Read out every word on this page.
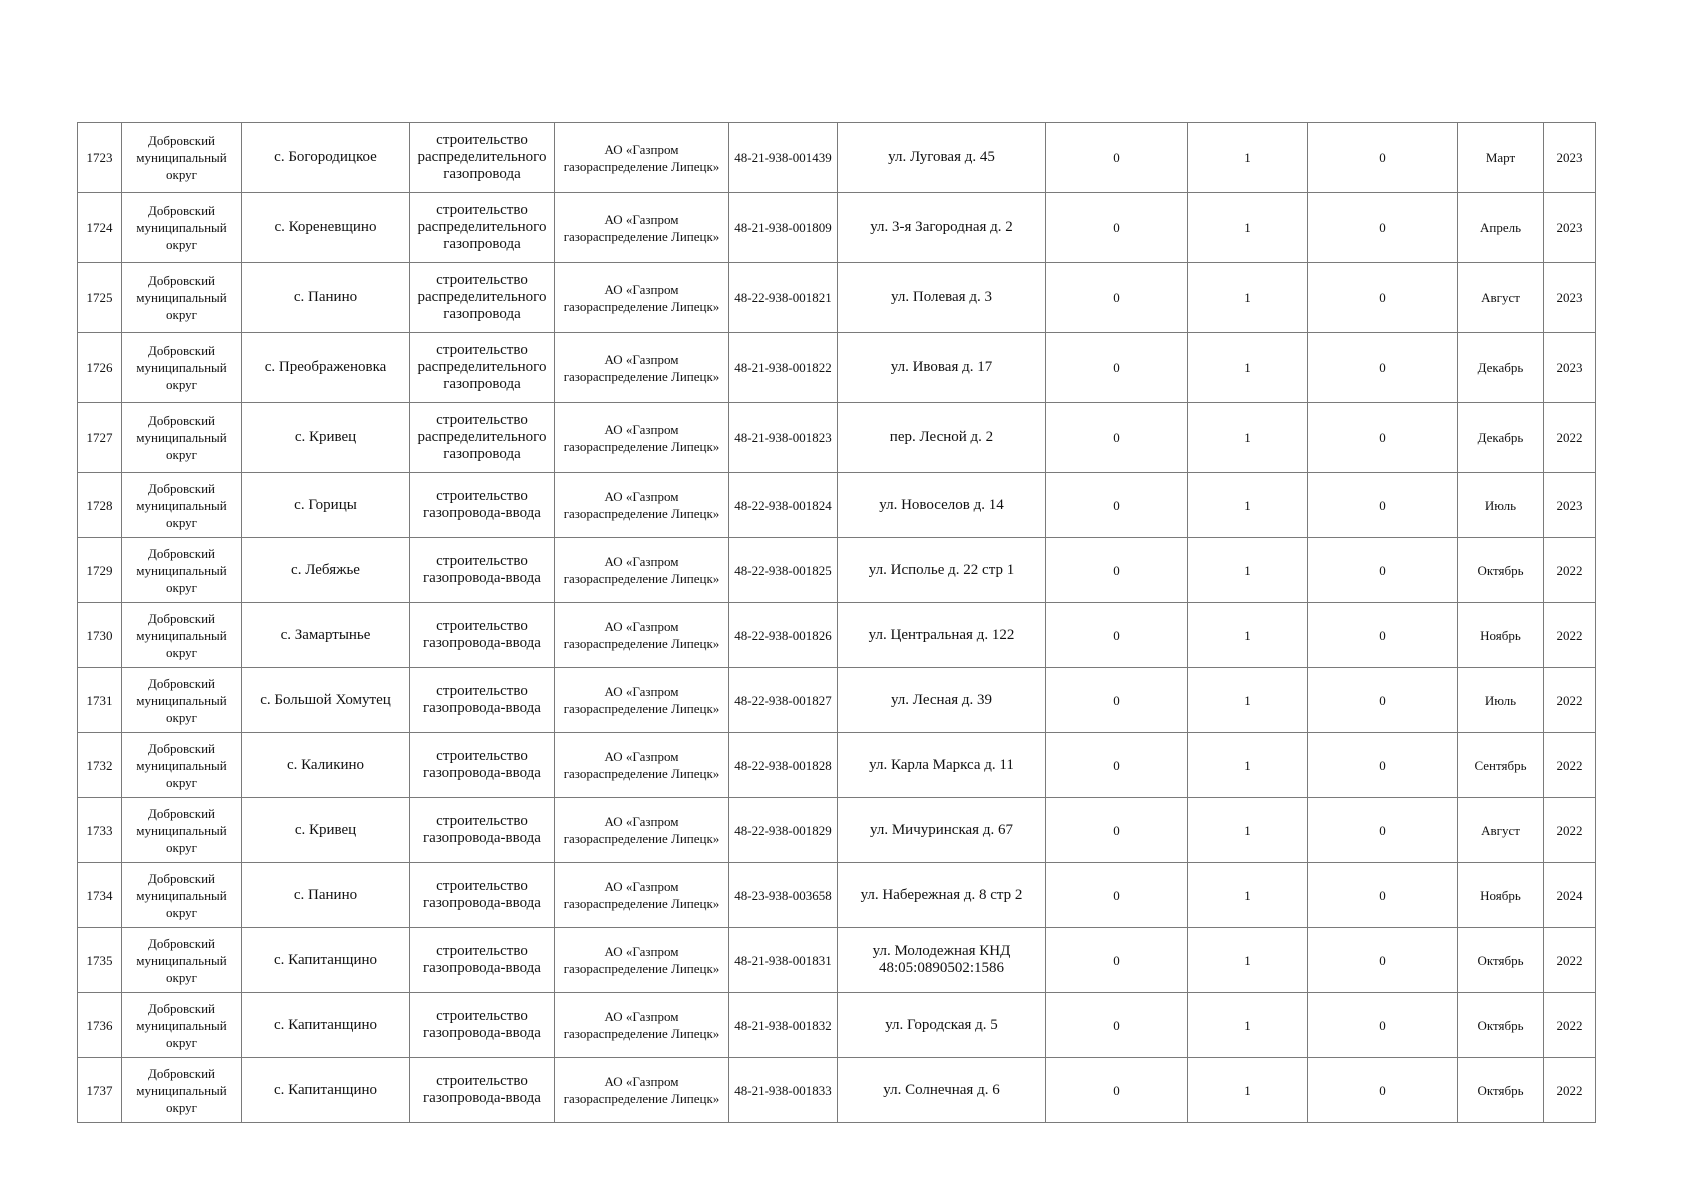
1723	Добровский муниципальный округ	с. Богородицкое	строительство распределительного газопровода	АО «Газпром газораспределение Липецк»	48-21-938-001439	ул. Луговая д. 45	0	1	0	Март	2023
1724	Добровский муниципальный округ	с. Кореневщино	строительство распределительного газопровода	АО «Газпром газораспределение Липецк»	48-21-938-001809	ул. 3-я Загородная д. 2	0	1	0	Апрель	2023
1725	Добровский муниципальный округ	с. Панино	строительство распределительного газопровода	АО «Газпром газораспределение Липецк»	48-22-938-001821	ул. Полевая д. 3	0	1	0	Август	2023
1726	Добровский муниципальный округ	с. Преображеновка	строительство распределительного газопровода	АО «Газпром газораспределение Липецк»	48-21-938-001822	ул. Ивовая д. 17	0	1	0	Декабрь	2023
1727	Добровский муниципальный округ	с. Кривец	строительство распределительного газопровода	АО «Газпром газораспределение Липецк»	48-21-938-001823	пер. Лесной д. 2	0	1	0	Декабрь	2022
1728	Добровский муниципальный округ	с. Горицы	строительство газопровода-ввода	АО «Газпром газораспределение Липецк»	48-22-938-001824	ул. Новоселов д. 14	0	1	0	Июль	2023
1729	Добровский муниципальный округ	с. Лебяжье	строительство газопровода-ввода	АО «Газпром газораспределение Липецк»	48-22-938-001825	ул. Исполье д. 22 стр 1	0	1	0	Октябрь	2022
1730	Добровский муниципальный округ	с. Замартынье	строительство газопровода-ввода	АО «Газпром газораспределение Липецк»	48-22-938-001826	ул. Центральная д. 122	0	1	0	Ноябрь	2022
1731	Добровский муниципальный округ	с. Большой Хомутец	строительство газопровода-ввода	АО «Газпром газораспределение Липецк»	48-22-938-001827	ул. Лесная д. 39	0	1	0	Июль	2022
1732	Добровский муниципальный округ	с. Каликино	строительство газопровода-ввода	АО «Газпром газораспределение Липецк»	48-22-938-001828	ул. Карла Маркса д. 11	0	1	0	Сентябрь	2022
1733	Добровский муниципальный округ	с. Кривец	строительство газопровода-ввода	АО «Газпром газораспределение Липецк»	48-22-938-001829	ул. Мичуринская д. 67	0	1	0	Август	2022
1734	Добровский муниципальный округ	с. Панино	строительство газопровода-ввода	АО «Газпром газораспределение Липецк»	48-23-938-003658	ул. Набережная д. 8 стр 2	0	1	0	Ноябрь	2024
1735	Добровский муниципальный округ	с. Капитанщино	строительство газопровода-ввода	АО «Газпром газораспределение Липецк»	48-21-938-001831	ул. Молодежная КНД 48:05:0890502:1586	0	1	0	Октябрь	2022
1736	Добровский муниципальный округ	с. Капитанщино	строительство газопровода-ввода	АО «Газпром газораспределение Липецк»	48-21-938-001832	ул. Городская д. 5	0	1	0	Октябрь	2022
1737	Добровский муниципальный округ	с. Капитанщино	строительство газопровода-ввода	АО «Газпром газораспределение Липецк»	48-21-938-001833	ул. Солнечная д. 6	0	1	0	Октябрь	2022
